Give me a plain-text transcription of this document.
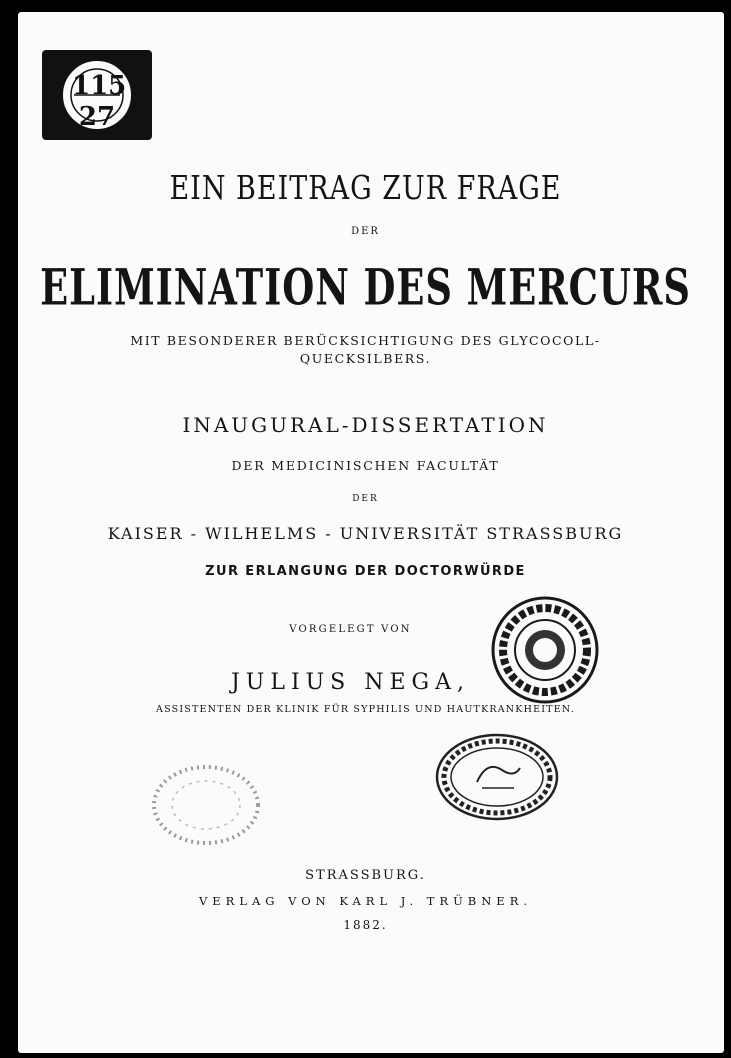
115
27
EIN BEITRAG ZUR FRAGE
DER
ELIMINATION DES MERCURS
MIT BESONDERER BERÜCKSICHTIGUNG DES GLYCOCOLL-
QUECKSILBERS.
INAUGURAL-DISSERTATION
DER MEDICINISCHEN FACULTÄT
DER
KAISER - WILHELMS - UNIVERSITÄT STRASSBURG
ZUR ERLANGUNG DER DOCTORWÜRDE
VORGELEGT VON
JULIUS NEGA,
ASSISTENTEN DER KLINIK FÜR SYPHILIS UND HAUTKRANKHEITEN.
STRASSBURG.
VERLAG VON KARL J. TRÜBNER.
1882.
